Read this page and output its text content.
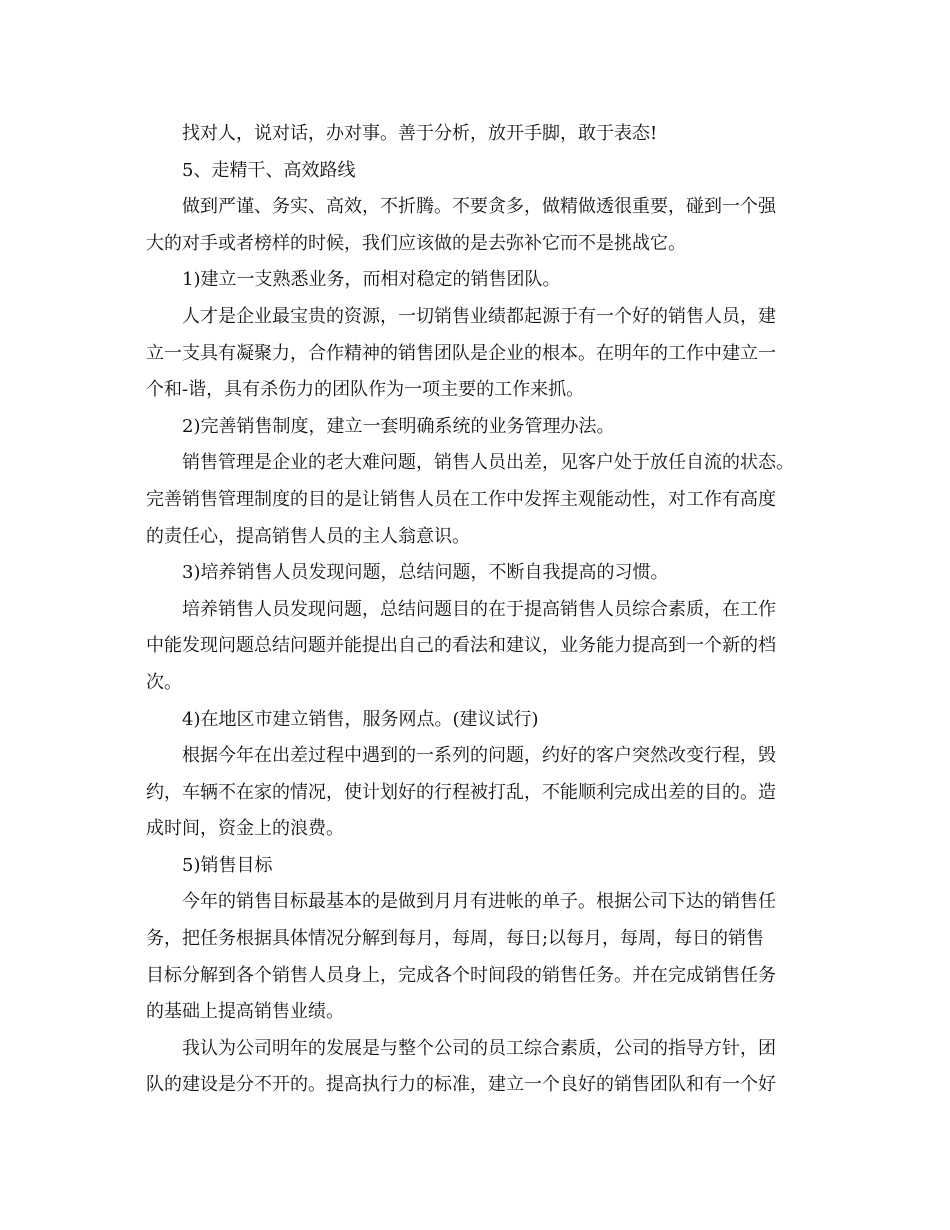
找对人，说对话，办对事。善于分析，放开手脚，敢于表态!
5、走精干、高效路线
做到严谨、务实、高效，不折腾。不要贪多，做精做透很重要，碰到一个强
大的对手或者榜样的时候，我们应该做的是去弥补它而不是挑战它。
1)建立一支熟悉业务，而相对稳定的销售团队。
人才是企业最宝贵的资源，一切销售业绩都起源于有一个好的销售人员，建
立一支具有凝聚力，合作精神的销售团队是企业的根本。在明年的工作中建立一
个和-谐，具有杀伤力的团队作为一项主要的工作来抓。
2)完善销售制度，建立一套明确系统的业务管理办法。
销售管理是企业的老大难问题，销售人员出差，见客户处于放任自流的状态。
完善销售管理制度的目的是让销售人员在工作中发挥主观能动性，对工作有高度
的责任心，提高销售人员的主人翁意识。
3)培养销售人员发现问题，总结问题，不断自我提高的习惯。
培养销售人员发现问题，总结问题目的在于提高销售人员综合素质，在工作
中能发现问题总结问题并能提出自己的看法和建议，业务能力提高到一个新的档
次。
4)在地区市建立销售，服务网点。(建议试行)
根据今年在出差过程中遇到的一系列的问题，约好的客户突然改变行程，毁
约，车辆不在家的情况，使计划好的行程被打乱，不能顺利完成出差的目的。造
成时间，资金上的浪费。
5)销售目标
今年的销售目标最基本的是做到月月有进帐的单子。根据公司下达的销售任
务，把任务根据具体情况分解到每月，每周，每日;以每月，每周，每日的销售
目标分解到各个销售人员身上，完成各个时间段的销售任务。并在完成销售任务
的基础上提高销售业绩。
我认为公司明年的发展是与整个公司的员工综合素质，公司的指导方针，团
队的建设是分不开的。提高执行力的标准，建立一个良好的销售团队和有一个好
